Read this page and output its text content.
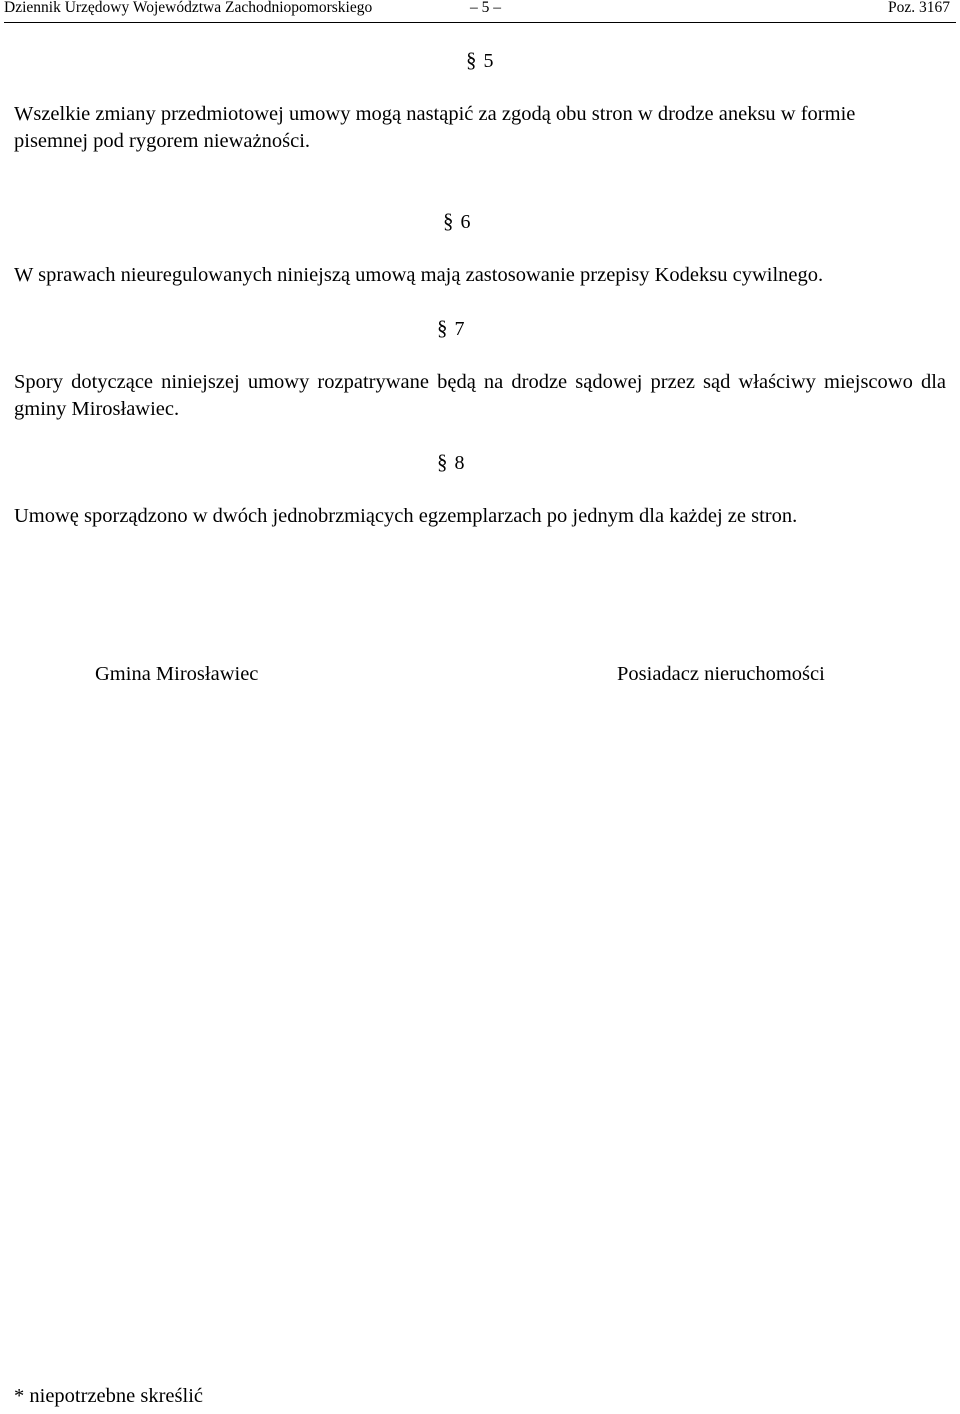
Dziennik Urzędowy Województwa Zachodniopomorskiego	– 5 –	Poz. 3167
§ 5

Wszelkie zmiany przedmiotowej umowy mogą nastąpić za zgodą obu stron w drodze aneksu w formie pisemnej pod rygorem nieważności.

§ 6

W sprawach nieuregulowanych niniejszą umową mają zastosowanie przepisy Kodeksu cywilnego.

§ 7

Spory dotyczące niniejszej umowy rozpatrywane będą na drodze sądowej przez sąd właściwy miejscowo dla gminy Mirosławiec.

§ 8

Umowę sporządzono w dwóch jednobrzmiących egzemplarzach po jednym dla każdej ze stron.

Gmina Mirosławiec	Posiadacz nieruchomości
* niepotrzebne skreślić
